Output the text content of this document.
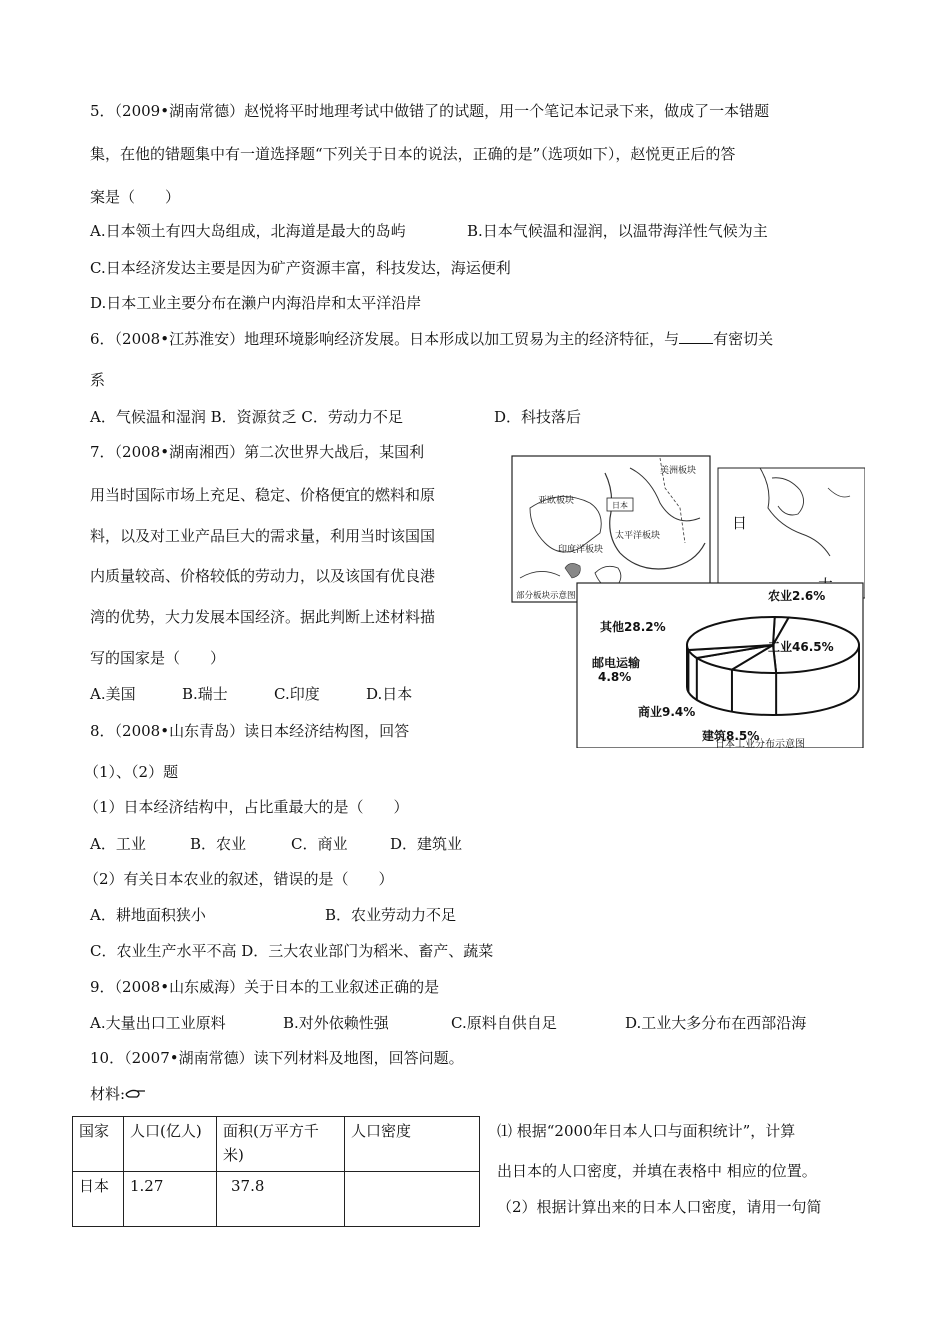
5．（2009•湖南常德）赵悦将平时地理考试中做错了的试题，用一个笔记本记录下来，做成了一本错题
集，在他的错题集中有一道选择题“下列关于日本的说法，正确的是”（选项如下），赵悦更正后的答
案是（　　）
A.日本领土有四大岛组成，北海道是最大的岛屿	B.日本气候温和湿润，以温带海洋性气候为主
C.日本经济发达主要是因为矿产资源丰富，科技发达，海运便利
D.日本工业主要分布在濑户内海沿岸和太平洋沿岸
6．（2008•江苏淮安）地理环境影响经济发展。日本形成以加工贸易为主的经济特征，与 有密切关
系
A．气候温和湿润 B．资源贫乏 C．劳动力不足	D．科技落后
7．（2008•湖南湘西）第二次世界大战后，某国利
用当时国际市场上充足、稳定、价格便宜的燃料和原
料，以及对工业产品巨大的需求量，利用当时该国国
内质量较高、价格较低的劳动力，以及该国有优良港
湾的优势，大力发展本国经济。据此判断上述材料描
写的国家是（　　）
A.美国	B.瑞士	C.印度	D.日本
8．（2008•山东青岛）读日本经济结构图，回答
（1）、（2）题
（1）日本经济结构中，占比重最大的是（　　）
A．工业	B．农业	C．商业	D．建筑业
（2）有关日本农业的叙述，错误的是（　　）
A．耕地面积狭小	B．农业劳动力不足
C．农业生产水平不高 D．三大农业部门为稻米、畜产、蔬菜
9．（2008•山东威海）关于日本的工业叙述正确的是
A.大量出口工业原料	B.对外依赖性强	C.原料自供自足	D.工业大多分布在西部沿海
10．（2007•湖南常德）读下列材料及地图，回答问题。
材料:
国家	人口(亿人)	面积(万平方千米)	人口密度
日本	1.27	37.8	
⑴ 根据“2000年日本人口与面积统计”，计算
出日本的人口密度，并填在表格中 相应的位置。
（2）根据计算出来的日本人口密度，请用一句简
日本
亚欧板块
美洲板块
太平洋板块
印度洋板块
部分板块示意图
日
农业2.6%
工业46.5%
建筑8.5%
商业9.4%
邮电运输
4.8%
其他28.2%
日本工业分布示意图
